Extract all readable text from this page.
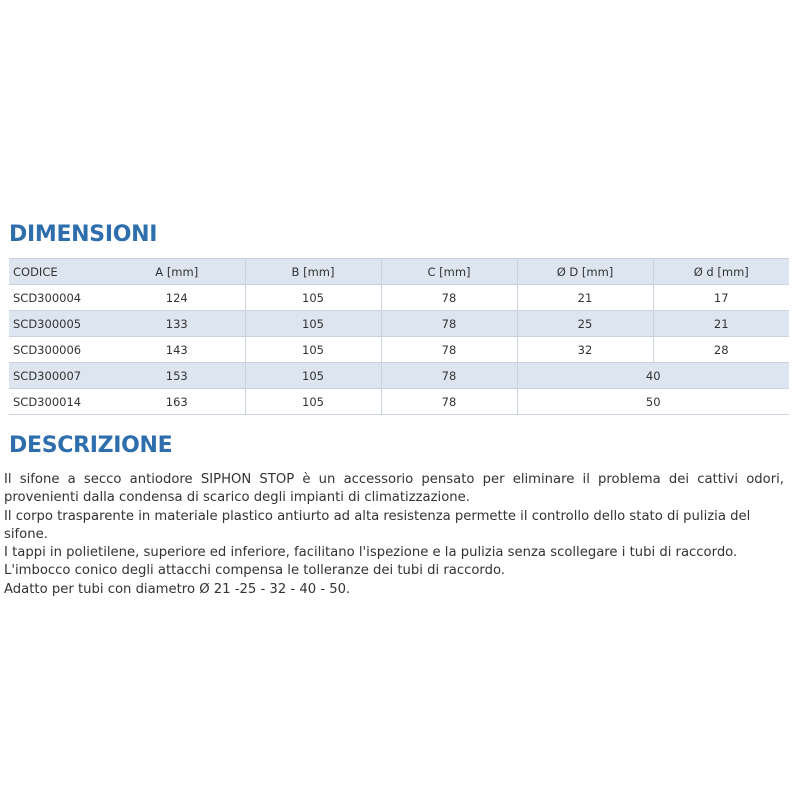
DIMENSIONI
CODICE	A [mm]	B [mm]	C [mm]	Ø D [mm]	Ø d [mm]
SCD300004	124	105	78	21	17
SCD300005	133	105	78	25	21
SCD300006	143	105	78	32	28
SCD300007	153	105	78	40	
SCD300014	163	105	78	50	
DESCRIZIONE

Il sifone a secco antiodore SIPHON STOP è un accessorio pensato per eliminare il problema dei cattivi odori, provenienti dalla condensa di scarico degli impianti di climatizzazione.

Il corpo trasparente in materiale plastico antiurto ad alta resistenza permette il controllo dello stato di pulizia del sifone.

I tappi in polietilene, superiore ed inferiore, facilitano l'ispezione e la pulizia senza scollegare i tubi di raccordo.

L'imbocco conico degli attacchi compensa le tolleranze dei tubi di raccordo.

Adatto per tubi con diametro Ø 21 -25 - 32 - 40 - 50.
